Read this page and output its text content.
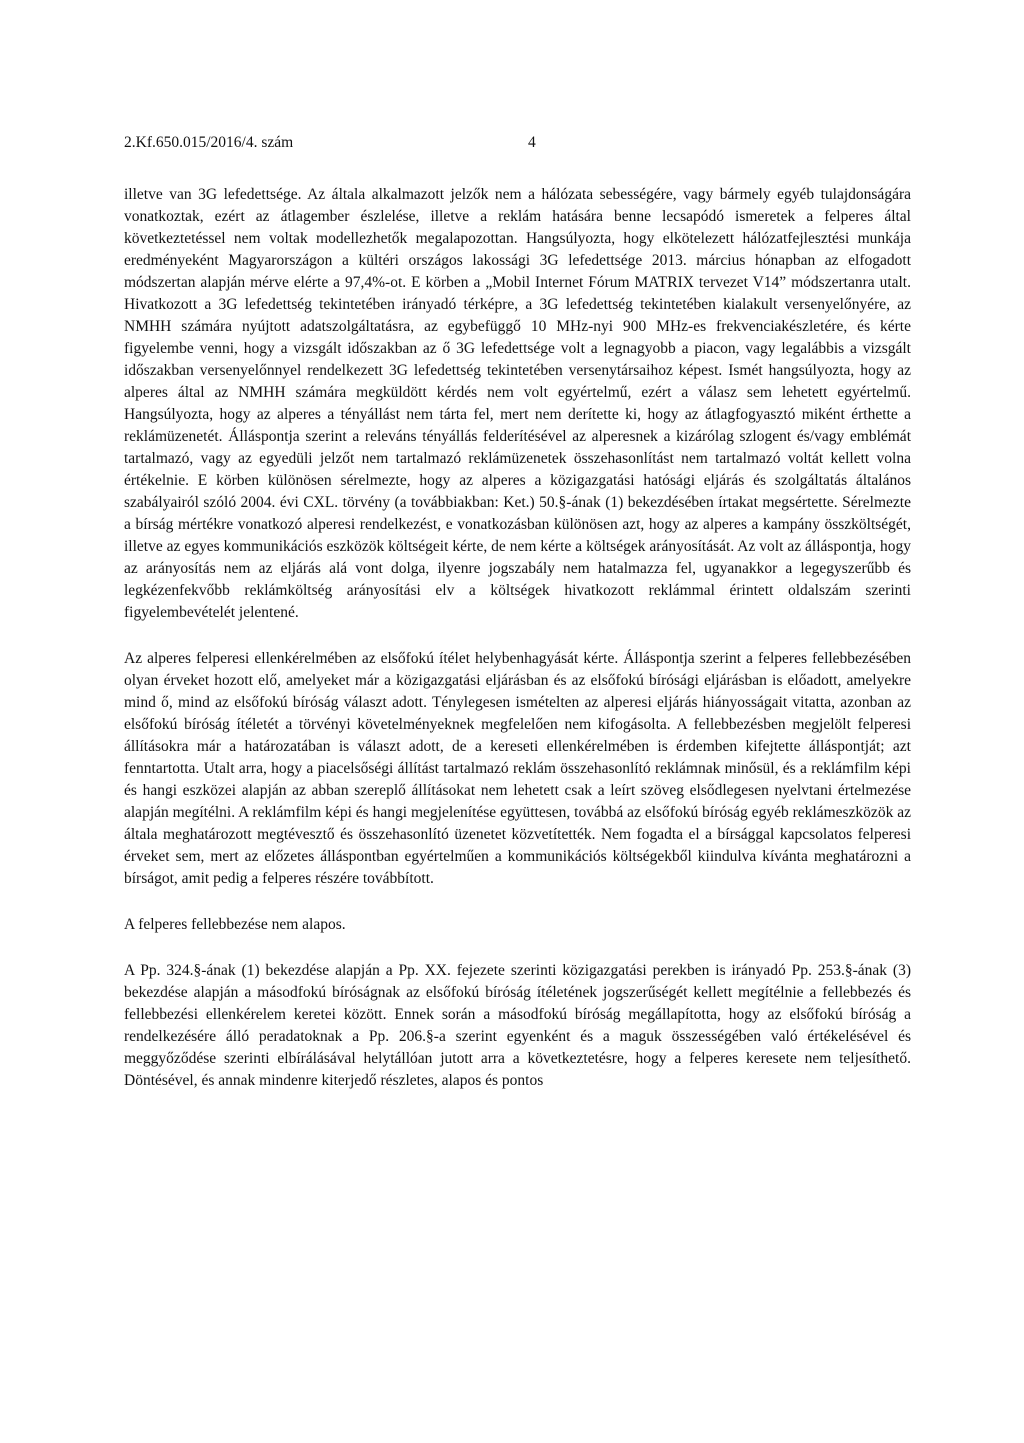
2.Kf.650.015/2016/4. szám	4

illetve van 3G lefedettsége. Az általa alkalmazott jelzők nem a hálózata sebességére, vagy bármely egyéb tulajdonságára vonatkoztak, ezért az átlagember észlelése, illetve a reklám hatására benne lecsapódó ismeretek a felperes által következtetéssel nem voltak modellezhetők megalapozottan. Hangsúlyozta, hogy elkötelezett hálózatfejlesztési munkája eredményeként Magyarországon a kültéri országos lakossági 3G lefedettsége 2013. március hónapban az elfogadott módszertan alapján mérve elérte a 97,4%-ot. E körben a „Mobil Internet Fórum MATRIX tervezet V14” módszertanra utalt. Hivatkozott a 3G lefedettség tekintetében irányadó térképre, a 3G lefedettség tekintetében kialakult versenyelőnyére, az NMHH számára nyújtott adatszolgáltatásra, az egybefüggő 10 MHz-nyi 900 MHz-es frekvenciakészletére, és kérte figyelembe venni, hogy a vizsgált időszakban az ő 3G lefedettsége volt a legnagyobb a piacon, vagy legalábbis a vizsgált időszakban versenyelőnnyel rendelkezett 3G lefedettség tekintetében versenytársaihoz képest. Ismét hangsúlyozta, hogy az alperes által az NMHH számára megküldött kérdés nem volt egyértelmű, ezért a válasz sem lehetett egyértelmű. Hangsúlyozta, hogy az alperes a tényállást nem tárta fel, mert nem derítette ki, hogy az átlagfogyasztó miként érthette a reklámüzenetét. Álláspontja szerint a releváns tényállás felderítésével az alperesnek a kizárólag szlogent és/vagy emblémát tartalmazó, vagy az egyedüli jelzőt nem tartalmazó reklámüzenetek összehasonlítást nem tartalmazó voltát kellett volna értékelnie. E körben különösen sérelmezte, hogy az alperes a közigazgatási hatósági eljárás és szolgáltatás általános szabályairól szóló 2004. évi CXL. törvény (a továbbiakban: Ket.) 50.§-ának (1) bekezdésében írtakat megsértette. Sérelmezte a bírság mértékre vonatkozó alperesi rendelkezést, e vonatkozásban különösen azt, hogy az alperes a kampány összköltségét, illetve az egyes kommunikációs eszközök költségeit kérte, de nem kérte a költségek arányosítását. Az volt az álláspontja, hogy az arányosítás nem az eljárás alá vont dolga, ilyenre jogszabály nem hatalmazza fel, ugyanakkor a legegyszerűbb és legkézenfekvőbb reklámköltség arányosítási elv a költségek hivatkozott reklámmal érintett oldalszám szerinti figyelembevételét jelentené.

Az alperes felperesi ellenkérelmében az elsőfokú ítélet helybenhagyását kérte. Álláspontja szerint a felperes fellebbezésében olyan érveket hozott elő, amelyeket már a közigazgatási eljárásban és az elsőfokú bírósági eljárásban is előadott, amelyekre mind ő, mind az elsőfokú bíróság választ adott. Ténylegesen ismételten az alperesi eljárás hiányosságait vitatta, azonban az elsőfokú bíróság ítéletét a törvényi követelményeknek megfelelően nem kifogásolta. A fellebbezésben megjelölt felperesi állításokra már a határozatában is választ adott, de a kereseti ellenkérelmében is érdemben kifejtette álláspontját; azt fenntartotta. Utalt arra, hogy a piacelsőségi állítást tartalmazó reklám összehasonlító reklámnak minősül, és a reklámfilm képi és hangi eszközei alapján az abban szereplő állításokat nem lehetett csak a leírt szöveg elsődlegesen nyelvtani értelmezése alapján megítélni. A reklámfilm képi és hangi megjelenítése együttesen, továbbá az elsőfokú bíróság egyéb reklámeszközök az általa meghatározott megtévesztő és összehasonlító üzenetet közvetítették. Nem fogadta el a bírsággal kapcsolatos felperesi érveket sem, mert az előzetes álláspontban egyértelműen a kommunikációs költségekből kiindulva kívánta meghatározni a bírságot, amit pedig a felperes részére továbbított.

A felperes fellebbezése nem alapos.

A Pp. 324.§-ának (1) bekezdése alapján a Pp. XX. fejezete szerinti közigazgatási perekben is irányadó Pp. 253.§-ának (3) bekezdése alapján a másodfokú bíróságnak az elsőfokú bíróság ítéletének jogszerűségét kellett megítélnie a fellebbezés és fellebbezési ellenkérelem keretei között. Ennek során a másodfokú bíróság megállapította, hogy az elsőfokú bíróság a rendelkezésére álló peradatoknak a Pp. 206.§-a szerint egyenként és a maguk összességében való értékelésével és meggyőződése szerinti elbírálásával helytállóan jutott arra a következtetésre, hogy a felperes keresete nem teljesíthető. Döntésével, és annak mindenre kiterjedő részletes, alapos és pontos
